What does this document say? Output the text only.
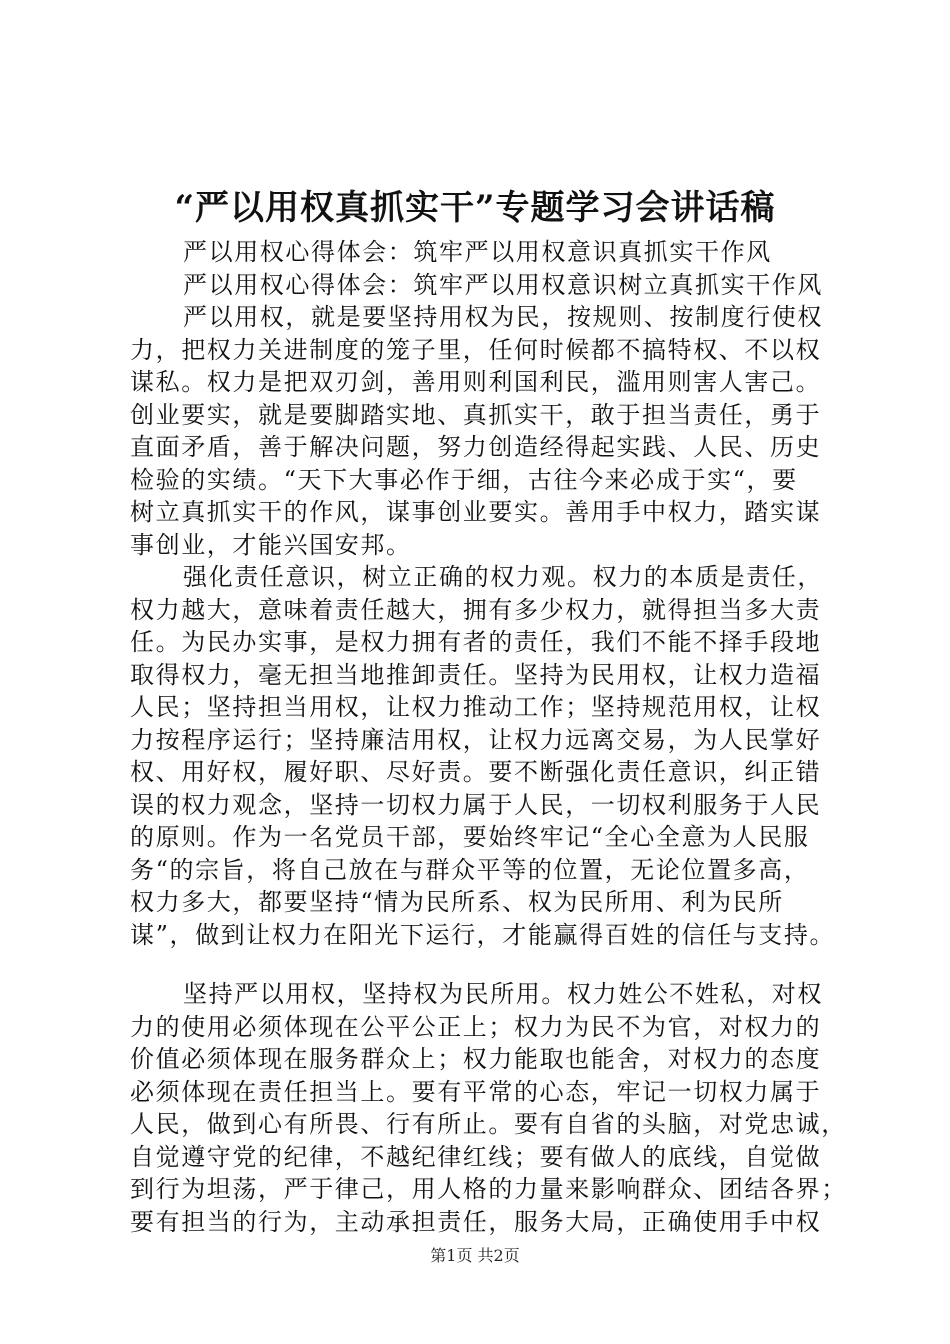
“严以用权真抓实干”专题学习会讲话稿
严以用权心得体会：筑牢严以用权意识真抓实干作风
严以用权心得体会：筑牢严以用权意识树立真抓实干作风
严以用权，就是要坚持用权为民，按规则、按制度行使权
力，把权力关进制度的笼子里，任何时候都不搞特权、不以权
谋私。权力是把双刃剑，善用则利国利民，滥用则害人害己。
创业要实，就是要脚踏实地、真抓实干，敢于担当责任，勇于
直面矛盾，善于解决问题，努力创造经得起实践、人民、历史
检验的实绩。“天下大事必作于细，古往今来必成于实“，要
树立真抓实干的作风，谋事创业要实。善用手中权力，踏实谋
事创业，才能兴国安邦。
强化责任意识，树立正确的权力观。权力的本质是责任，
权力越大，意味着责任越大，拥有多少权力，就得担当多大责
任。为民办实事，是权力拥有者的责任，我们不能不择手段地
取得权力，毫无担当地推卸责任。坚持为民用权，让权力造福
人民；坚持担当用权，让权力推动工作；坚持规范用权，让权
力按程序运行；坚持廉洁用权，让权力远离交易，为人民掌好
权、用好权，履好职、尽好责。要不断强化责任意识，纠正错
误的权力观念，坚持一切权力属于人民，一切权利服务于人民
的原则。作为一名党员干部，要始终牢记“全心全意为人民服
务“的宗旨，将自己放在与群众平等的位置，无论位置多高，
权力多大，都要坚持“情为民所系、权为民所用、利为民所
谋”，做到让权力在阳光下运行，才能赢得百姓的信任与支持。
坚持严以用权，坚持权为民所用。权力姓公不姓私，对权
力的使用必须体现在公平公正上；权力为民不为官，对权力的
价值必须体现在服务群众上；权力能取也能舍，对权力的态度
必须体现在责任担当上。要有平常的心态，牢记一切权力属于
人民，做到心有所畏、行有所止。要有自省的头脑，对党忠诚，
自觉遵守党的纪律，不越纪律红线；要有做人的底线，自觉做
到行为坦荡，严于律己，用人格的力量来影响群众、团结各界；
要有担当的行为，主动承担责任，服务大局，正确使用手中权
第1页 共2页
